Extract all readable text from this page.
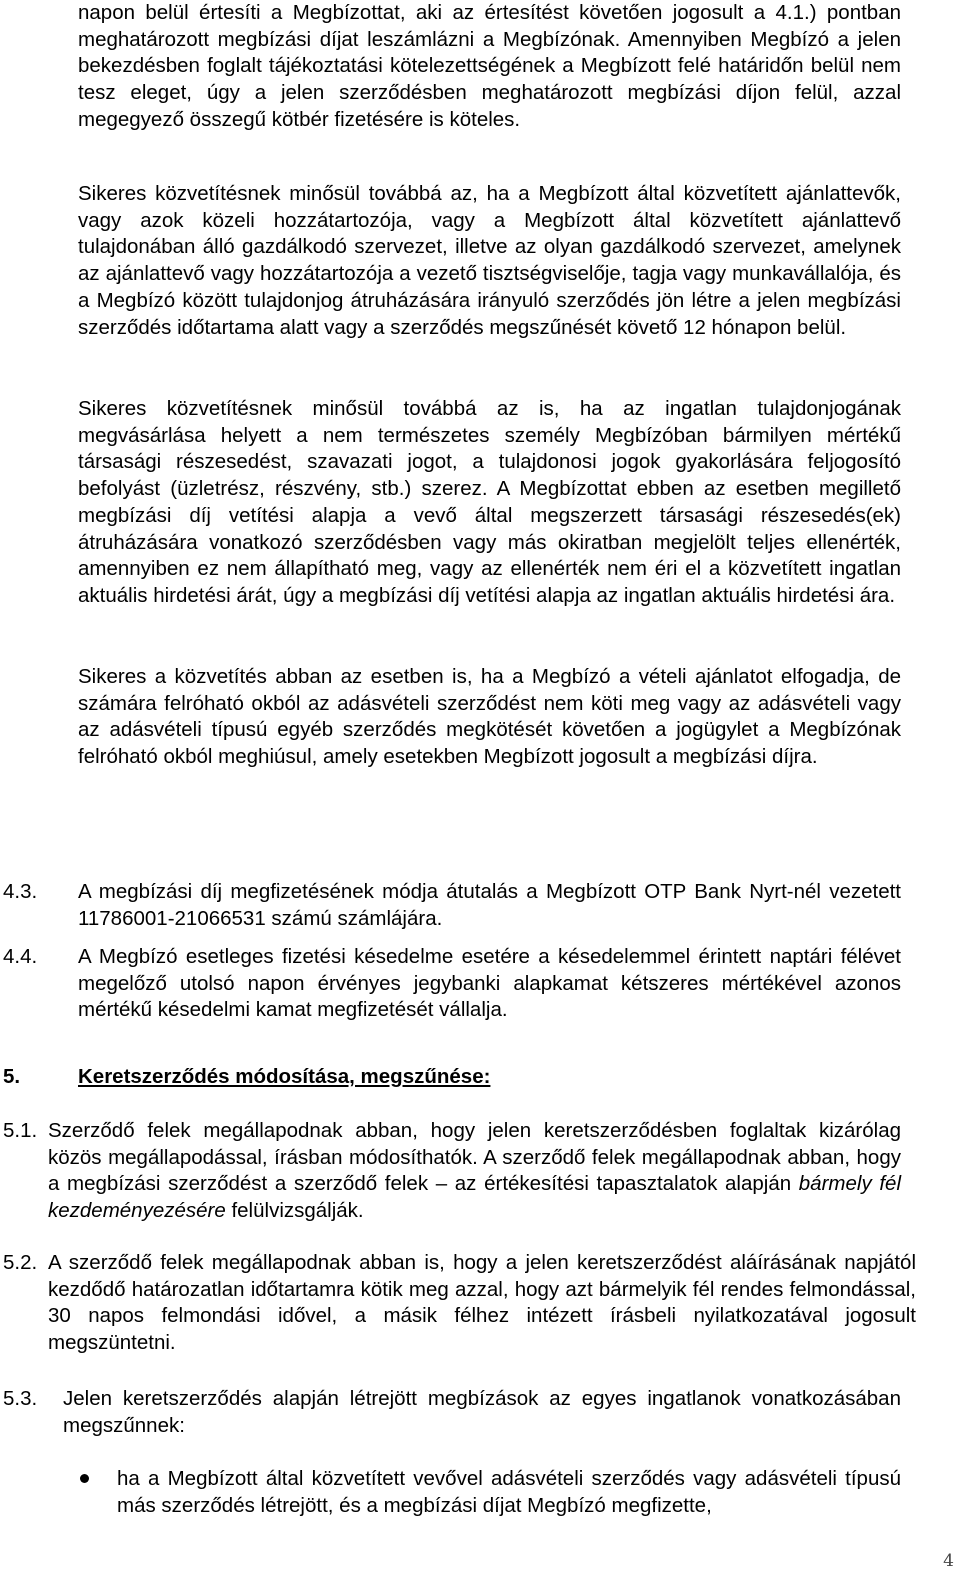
napon belül értesíti a Megbízottat, aki az értesítést követően jogosult a 4.1.) pontban meghatározott megbízási díjat leszámlázni a Megbízónak. Amennyiben Megbízó a jelen bekezdésben foglalt tájékoztatási kötelezettségének a Megbízott felé határidőn belül nem tesz eleget, úgy a jelen szerződésben meghatározott megbízási díjon felül, azzal megegyező összegű kötbér fizetésére is köteles.

Sikeres közvetítésnek minősül továbbá az, ha a Megbízott által közvetített ajánlattevők, vagy azok közeli hozzátartozója, vagy a Megbízott által közvetített ajánlattevő tulajdonában álló gazdálkodó szervezet, illetve az olyan gazdálkodó szervezet, amelynek az ajánlattevő vagy hozzátartozója a vezető tisztségviselője, tagja vagy munkavállalója, és a Megbízó között tulajdonjog átruházására irányuló szerződés jön létre a jelen megbízási szerződés időtartama alatt vagy a szerződés megszűnését követő 12 hónapon belül.

Sikeres közvetítésnek minősül továbbá az is, ha az ingatlan tulajdonjogának megvásárlása helyett a nem természetes személy Megbízóban bármilyen mértékű társasági részesedést, szavazati jogot, a tulajdonosi jogok gyakorlására feljogosító befolyást (üzletrész, részvény, stb.) szerez. A Megbízottat ebben az esetben megillető megbízási díj vetítési alapja a vevő által megszerzett társasági részesedés(ek) átruházására vonatkozó szerződésben vagy más okiratban megjelölt teljes ellenérték, amennyiben ez nem állapítható meg, vagy az ellenérték nem éri el a közvetített ingatlan aktuális hirdetési árát, úgy a megbízási díj vetítési alapja az ingatlan aktuális hirdetési ára.

Sikeres a közvetítés abban az esetben is, ha a Megbízó a vételi ajánlatot elfogadja, de számára felróható okból az adásvételi szerződést nem köti meg vagy az adásvételi vagy az adásvételi típusú egyéb szerződés megkötését követően a jogügylet a Megbízónak felróható okból meghiúsul, amely esetekben Megbízott jogosult a megbízási díjra.

4.3. A megbízási díj megfizetésének módja átutalás a Megbízott OTP Bank Nyrt-nél vezetett 11786001-21066531 számú számlájára.

4.4. A Megbízó esetleges fizetési késedelme esetére a késedelemmel érintett naptári félévet megelőző utolsó napon érvényes jegybanki alapkamat kétszeres mértékével azonos mértékű késedelmi kamat megfizetését vállalja.

5.	Keretszerződés módosítása, megszűnése:

5.1. Szerződő felek megállapodnak abban, hogy jelen keretszerződésben foglaltak kizárólag közös megállapodással, írásban módosíthatók. A szerződő felek megállapodnak abban, hogy a megbízási szerződést a szerződő felek – az értékesítési tapasztalatok alapján bármely fél kezdeményezésére felülvizsgálják.

5.2. A szerződő felek megállapodnak abban is, hogy a jelen keretszerződést aláírásának napjától kezdődő határozatlan időtartamra kötik meg azzal, hogy azt bármelyik fél rendes felmondással, 30 napos felmondási idővel, a másik félhez intézett írásbeli nyilatkozatával jogosult megszüntetni.

5.3. Jelen keretszerződés alapján létrejött megbízások az egyes ingatlanok vonatkozásában megszűnnek:

ha a Megbízott által közvetített vevővel adásvételi szerződés vagy adásvételi típusú más szerződés létrejött, és a megbízási díjat Megbízó megfizette,

4
